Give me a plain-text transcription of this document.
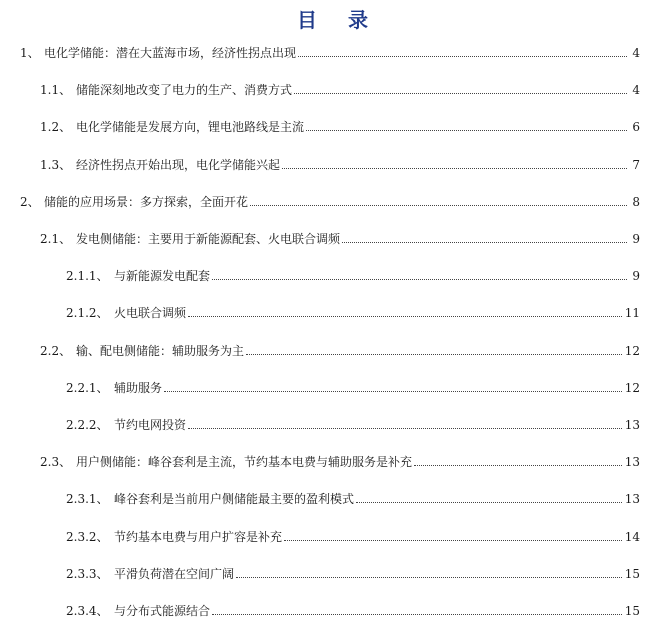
目 录
1、 电化学储能：潜在大蓝海市场，经济性拐点出现	4
1.1、 储能深刻地改变了电力的生产、消费方式	4
1.2、 电化学储能是发展方向，锂电池路线是主流	6
1.3、 经济性拐点开始出现，电化学储能兴起	7
2、 储能的应用场景：多方探索，全面开花	8
2.1、 发电侧储能：主要用于新能源配套、火电联合调频	9
2.1.1、 与新能源发电配套	9
2.1.2、 火电联合调频	11
2.2、 输、配电侧储能：辅助服务为主	12
2.2.1、 辅助服务	12
2.2.2、 节约电网投资	13
2.3、 用户侧储能：峰谷套利是主流，节约基本电费与辅助服务是补充	13
2.3.1、 峰谷套利是当前用户侧储能最主要的盈利模式	13
2.3.2、 节约基本电费与用户扩容是补充	14
2.3.3、 平滑负荷潜在空间广阔	15
2.3.4、 与分布式能源结合	15
